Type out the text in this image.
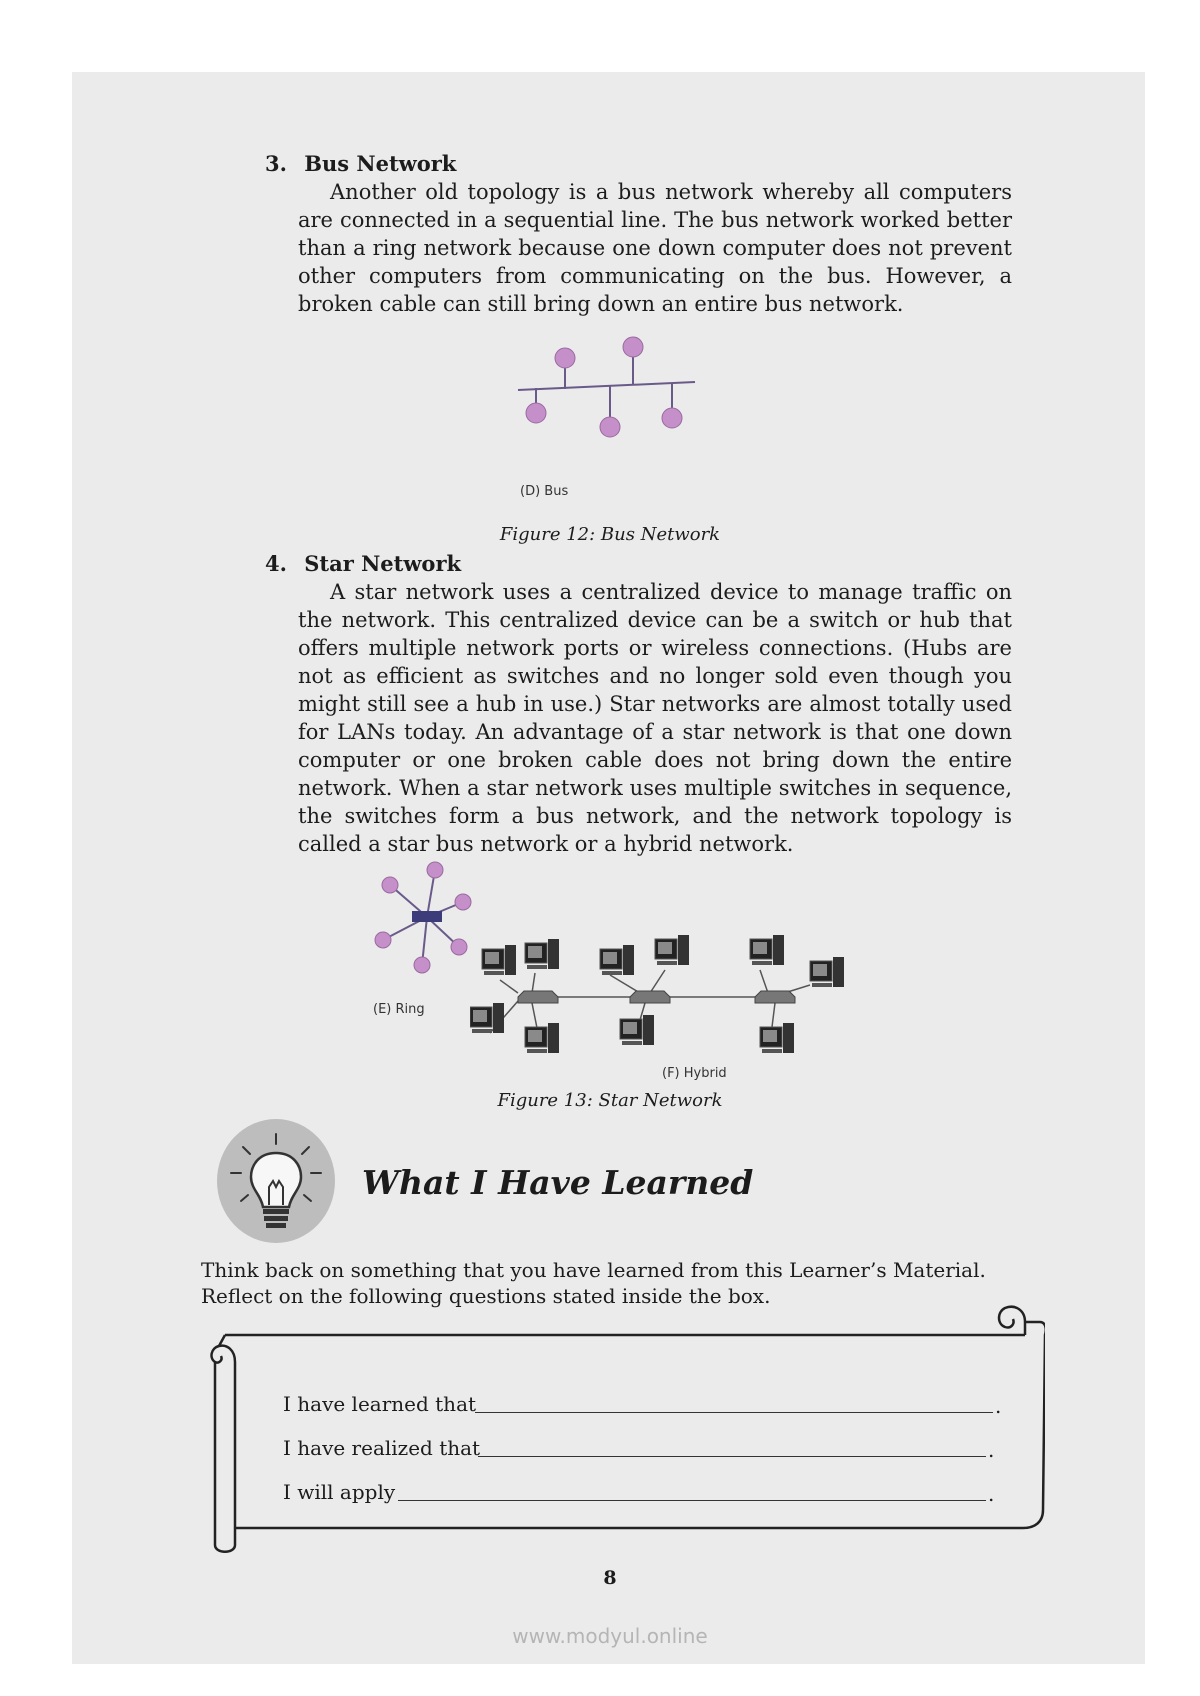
3. Bus Network
Another old topology is a bus network whereby all computers are connected in a sequential line. The bus network worked better than a ring network because one down computer does not prevent other computers from communicating on the bus. However, a broken cable can still bring down an entire bus network.
(D) Bus
Figure 12: Bus Network
4. Star Network
A star network uses a centralized device to manage traffic on the network. This centralized device can be a switch or hub that offers multiple network ports or wireless connections. (Hubs are not as efficient as switches and no longer sold even though you might still see a hub in use.) Star networks are almost totally used for LANs today. An advantage of a star network is that one down computer or one broken cable does not bring down the entire network. When a star network uses multiple switches in sequence, the switches form a bus network, and the network topology is called a star bus network or a hybrid network.
(E) Ring
(F) Hybrid
Figure 13: Star Network
What I Have Learned
Think back on something that you have learned from this Learner’s Material. Reflect on the following questions stated inside the box.
I have learned that	.
I have realized that	.
I will apply	.
8
www.modyul.online
